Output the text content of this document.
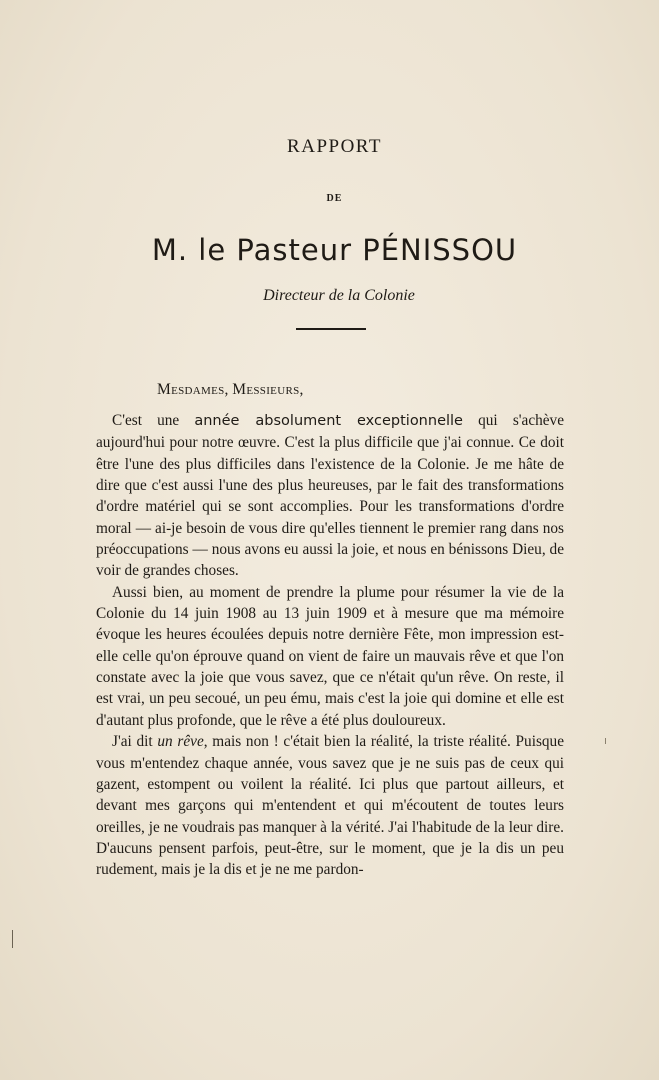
RAPPORT
DE
M. le Pasteur PÉNISSOU
Directeur de la Colonie
Mesdames, Messieurs,

C'est une année absolument exceptionnelle qui s'achève aujourd'hui pour notre œuvre. C'est la plus difficile que j'ai connue. Ce doit être l'une des plus difficiles dans l'existence de la Colonie. Je me hâte de dire que c'est aussi l'une des plus heureuses, par le fait des transformations d'ordre matériel qui se sont accomplies. Pour les transformations d'ordre moral — ai-je besoin de vous dire qu'elles tiennent le premier rang dans nos préoccupations — nous avons eu aussi la joie, et nous en bénissons Dieu, de voir de grandes choses.

Aussi bien, au moment de prendre la plume pour résumer la vie de la Colonie du 14 juin 1908 au 13 juin 1909 et à mesure que ma mémoire évoque les heures écoulées depuis notre dernière Fête, mon impression est-elle celle qu'on éprouve quand on vient de faire un mauvais rêve et que l'on constate avec la joie que vous savez, que ce n'était qu'un rêve. On reste, il est vrai, un peu secoué, un peu ému, mais c'est la joie qui domine et elle est d'autant plus profonde, que le rêve a été plus douloureux.

J'ai dit un rêve, mais non ! c'était bien la réalité, la triste réalité. Puisque vous m'entendez chaque année, vous savez que je ne suis pas de ceux qui gazent, estompent ou voilent la réalité. Ici plus que partout ailleurs, et devant mes garçons qui m'entendent et qui m'écoutent de toutes leurs oreilles, je ne voudrais pas manquer à la vérité. J'ai l'habitude de la leur dire. D'aucuns pensent parfois, peut-être, sur le moment, que je la dis un peu rudement, mais je la dis et je ne me pardon-
